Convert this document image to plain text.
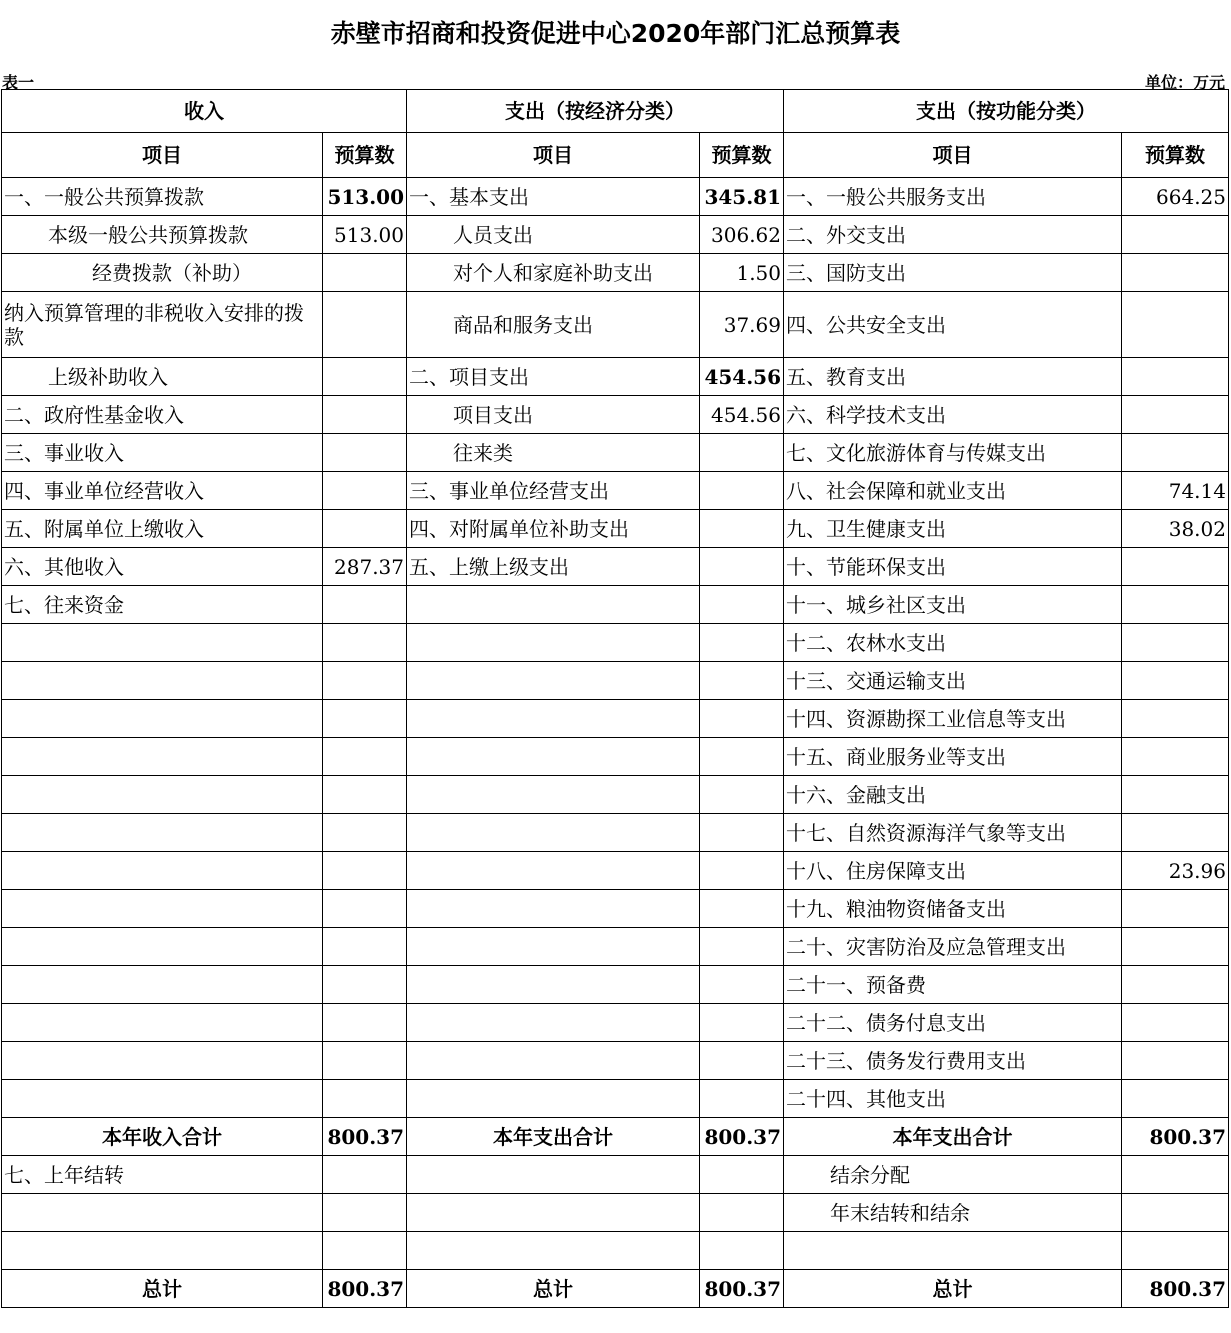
赤壁市招商和投资促进中心2020年部门汇总预算表
表一	单位：万元
收入		支出（按经济分类）		支出（按功能分类）	
项目	预算数	项目	预算数	项目	预算数
一、一般公共预算拨款	513.00	一、基本支出	345.81	一、一般公共服务支出	664.25
本级一般公共预算拨款	513.00	人员支出	306.62	二、外交支出	
经费拨款（补助）		对个人和家庭补助支出	1.50	三、国防支出	
纳入预算管理的非税收入安排的拨款		商品和服务支出	37.69	四、公共安全支出	
上级补助收入		二、项目支出	454.56	五、教育支出	
二、政府性基金收入		项目支出	454.56	六、科学技术支出	
三、事业收入		往来类		七、文化旅游体育与传媒支出	
四、事业单位经营收入		三、事业单位经营支出		八、社会保障和就业支出	74.14
五、附属单位上缴收入		四、对附属单位补助支出		九、卫生健康支出	38.02
六、其他收入	287.37	五、上缴上级支出		十、节能环保支出	
七、往来资金				十一、城乡社区支出	
				十二、农林水支出	
				十三、交通运输支出	
				十四、资源勘探工业信息等支出	
				十五、商业服务业等支出	
				十六、金融支出	
				十七、自然资源海洋气象等支出	
				十八、住房保障支出	23.96
				十九、粮油物资储备支出	
				二十、灾害防治及应急管理支出	
				二十一、预备费	
				二十二、债务付息支出	
				二十三、债务发行费用支出	
				二十四、其他支出	
本年收入合计	800.37	本年支出合计	800.37	本年支出合计	800.37
七、上年结转				结余分配	
				年末结转和结余	

总计	800.37	总计	800.37	总计	800.37
